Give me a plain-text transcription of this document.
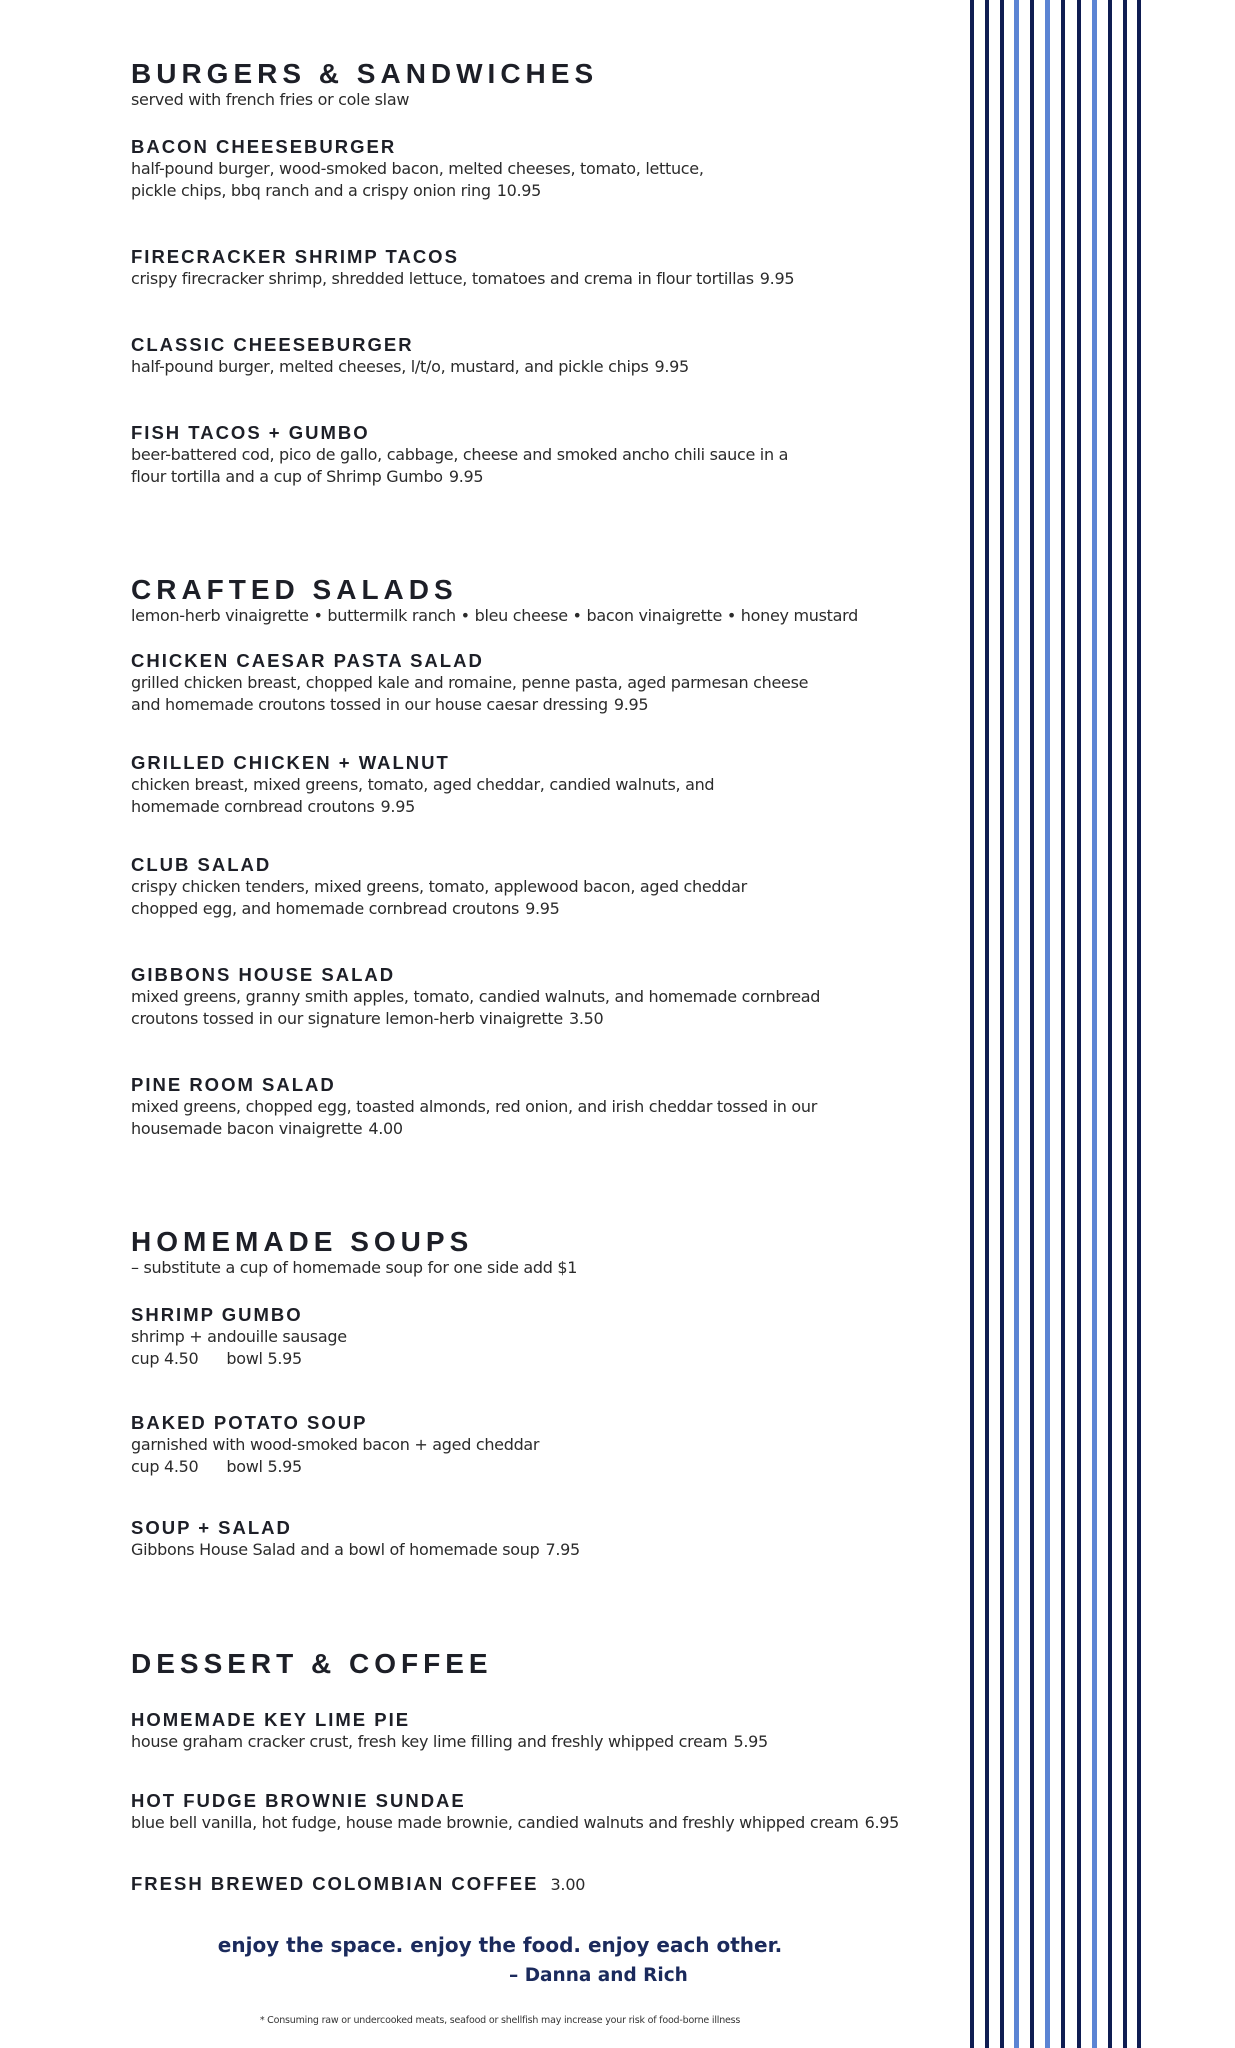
BURGERS & SANDWICHES

served with french fries or cole slaw

BACON CHEESEBURGER
half-pound burger, wood-smoked bacon, melted cheeses, tomato, lettuce,
pickle chips, bbq ranch and a crispy onion ring 10.95
FIRECRACKER SHRIMP TACOS
crispy firecracker shrimp, shredded lettuce, tomatoes and crema in flour tortillas 9.95
CLASSIC CHEESEBURGER
half-pound burger, melted cheeses, l/t/o, mustard, and pickle chips 9.95
FISH TACOS + GUMBO
beer-battered cod, pico de gallo, cabbage, cheese and smoked ancho chili sauce in a
flour tortilla and a cup of Shrimp Gumbo 9.95
CRAFTED SALADS

lemon-herb vinaigrette • buttermilk ranch • bleu cheese • bacon vinaigrette • honey mustard

CHICKEN CAESAR PASTA SALAD
grilled chicken breast, chopped kale and romaine, penne pasta, aged parmesan cheese
and homemade croutons tossed in our house caesar dressing 9.95
GRILLED CHICKEN + WALNUT
chicken breast, mixed greens, tomato, aged cheddar, candied walnuts, and
homemade cornbread croutons 9.95
CLUB SALAD
crispy chicken tenders, mixed greens, tomato, applewood bacon, aged cheddar
chopped egg, and homemade cornbread croutons 9.95
GIBBONS HOUSE SALAD
mixed greens, granny smith apples, tomato, candied walnuts, and homemade cornbread
croutons tossed in our signature lemon-herb vinaigrette 3.50
PINE ROOM SALAD
mixed greens, chopped egg, toasted almonds, red onion, and irish cheddar tossed in our
housemade bacon vinaigrette 4.00
HOMEMADE SOUPS

– substitute a cup of homemade soup for one side add $1

SHRIMP GUMBO
shrimp + andouille sausage
cup 4.50 bowl 5.95
BAKED POTATO SOUP
garnished with wood-smoked bacon + aged cheddar
cup 4.50 bowl 5.95
SOUP + SALAD
Gibbons House Salad and a bowl of homemade soup 7.95
DESSERT & COFFEE
HOMEMADE KEY LIME PIE
house graham cracker crust, fresh key lime filling and freshly whipped cream 5.95
HOT FUDGE BROWNIE SUNDAE
blue bell vanilla, hot fudge, house made brownie, candied walnuts and freshly whipped cream 6.95
FRESH BREWED COLOMBIAN COFFEE 3.00
enjoy the space. enjoy the food. enjoy each other.
– Danna and Rich
* Consuming raw or undercooked meats, seafood or shellfish may increase your risk of food-borne illness
